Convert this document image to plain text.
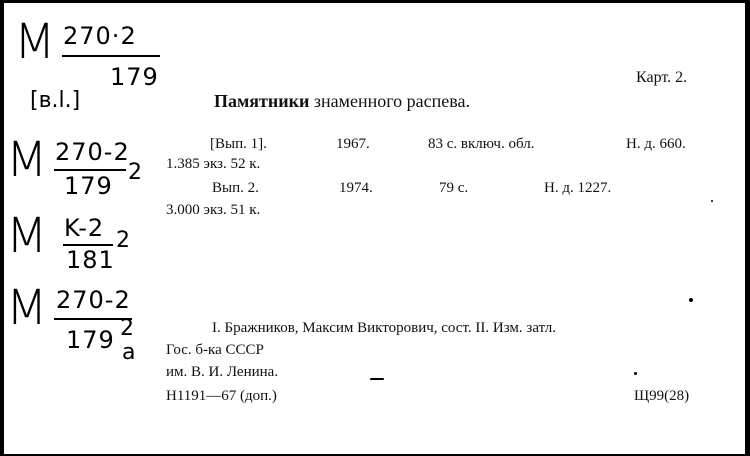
M 270·2
179
[в.l.]
M 270-2
179 2
M K-2
181
2
M 270-2
179 2
a
Карт. 2.
Памятники знаменного распева.
[Вып. 1].	1967.	83 с. включ. обл.	Н. д. 660.
1.385 экз. 52 к.
Вып. 2.	1974.	79 с.	Н. д. 1227.
3.000 экз. 51 к.
I. Бражников, Максим Викторович, сост. II. Изм. затл.
Гос. б-ка СССР
им. В. И. Ленина.
H1191—67 (доп.)	Щ99(28)
